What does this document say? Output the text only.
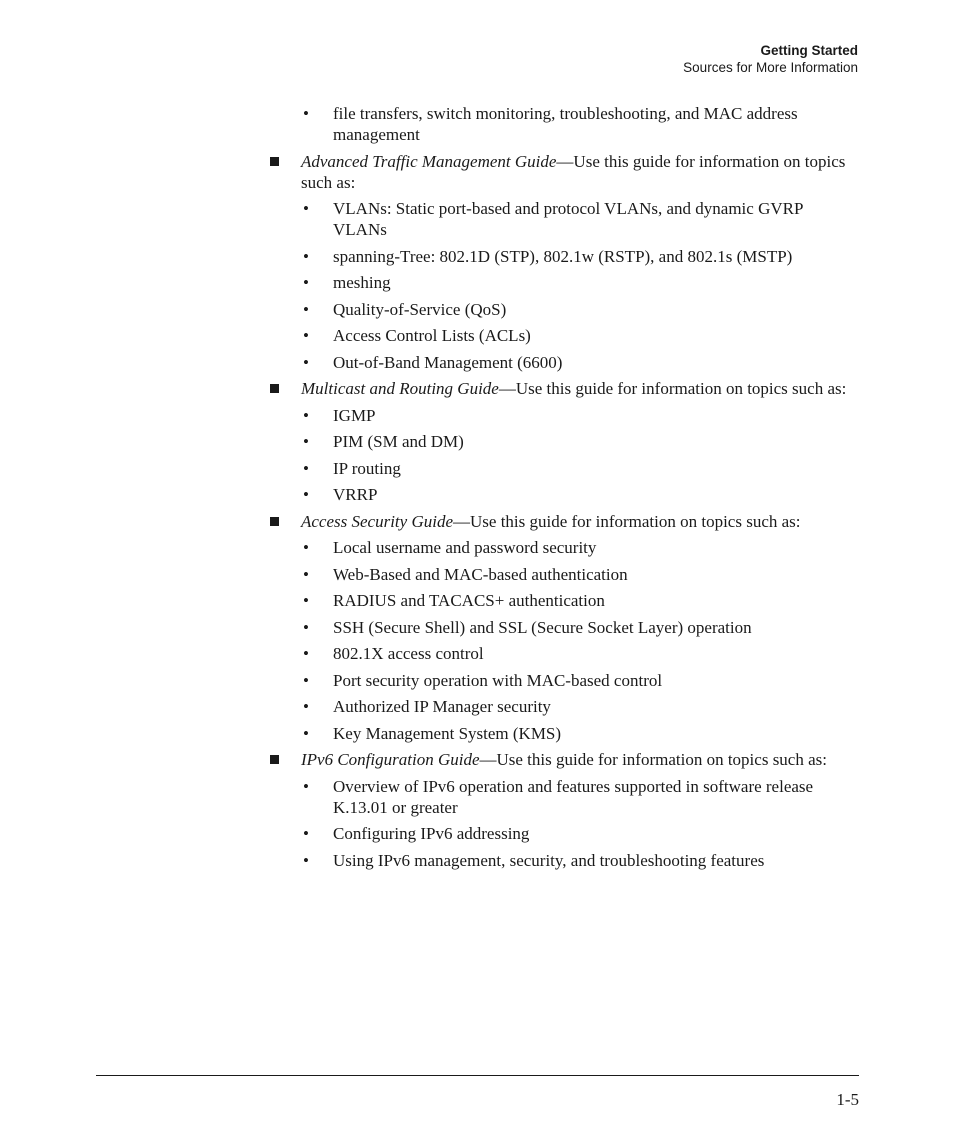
Getting Started
Sources for More Information
• file transfers, switch monitoring, troubleshooting, and MAC address management
Advanced Traffic Management Guide—Use this guide for information on topics such as:
• VLANs: Static port-based and protocol VLANs, and dynamic GVRP VLANs
• spanning-Tree: 802.1D (STP), 802.1w (RSTP), and 802.1s (MSTP)
• meshing
• Quality-of-Service (QoS)
• Access Control Lists (ACLs)
• Out-of-Band Management (6600)
Multicast and Routing Guide—Use this guide for information on topics such as:
• IGMP
• PIM (SM and DM)
• IP routing
• VRRP
Access Security Guide—Use this guide for information on topics such as:
• Local username and password security
• Web-Based and MAC-based authentication
• RADIUS and TACACS+ authentication
• SSH (Secure Shell) and SSL (Secure Socket Layer) operation
• 802.1X access control
• Port security operation with MAC-based control
• Authorized IP Manager security
• Key Management System (KMS)
IPv6 Configuration Guide—Use this guide for information on topics such as:
• Overview of IPv6 operation and features supported in software release K.13.01 or greater
• Configuring IPv6 addressing
• Using IPv6 management, security, and troubleshooting features
1-5
